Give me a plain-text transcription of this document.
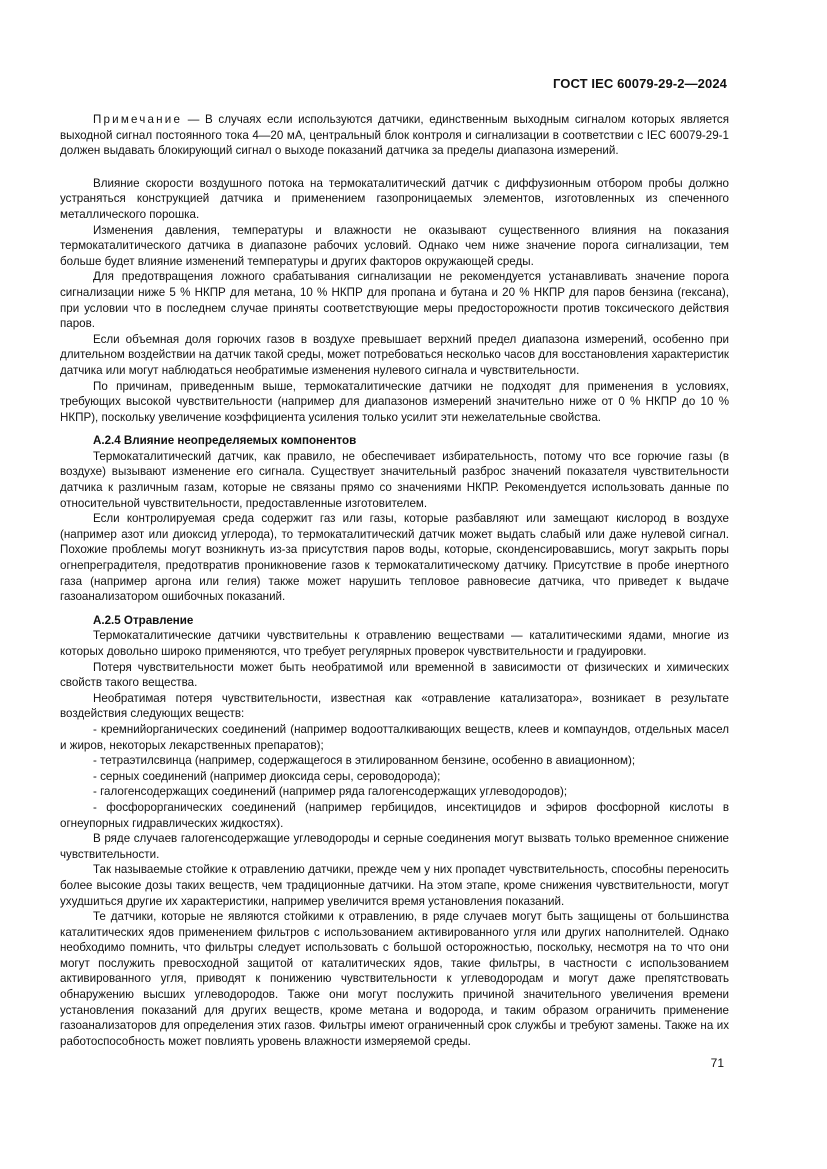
ГОСТ IEC 60079-29-2—2024

Примечание — В случаях если используются датчики, единственным выходным сигналом которых является выходной сигнал постоянного тока 4—20 мА, центральный блок контроля и сигнализации в соответствии с IEC 60079-29-1 должен выдавать блокирующий сигнал о выходе показаний датчика за пределы диапазона измерений.

Влияние скорости воздушного потока на термокаталитический датчик с диффузионным отбором пробы должно устраняться конструкцией датчика и применением газопроницаемых элементов, изготовленных из спеченного металлического порошка.

Изменения давления, температуры и влажности не оказывают существенного влияния на показания термокаталитического датчика в диапазоне рабочих условий. Однако чем ниже значение порога сигнализации, тем больше будет влияние изменений температуры и других факторов окружающей среды.

Для предотвращения ложного срабатывания сигнализации не рекомендуется устанавливать значение порога сигнализации ниже 5 % НКПР для метана, 10 % НКПР для пропана и бутана и 20 % НКПР для паров бензина (гексана), при условии что в последнем случае приняты соответствующие меры предосторожности против токсического действия паров.

Если объемная доля горючих газов в воздухе превышает верхний предел диапазона измерений, особенно при длительном воздействии на датчик такой среды, может потребоваться несколько часов для восстановления характеристик датчика или могут наблюдаться необратимые изменения нулевого сигнала и чувствительности.

По причинам, приведенным выше, термокаталитические датчики не подходят для применения в условиях, требующих высокой чувствительности (например для диапазонов измерений значительно ниже от 0 % НКПР до 10 % НКПР), поскольку увеличение коэффициента усиления только усилит эти нежелательные свойства.

А.2.4 Влияние неопределяемых компонентов

Термокаталитический датчик, как правило, не обеспечивает избирательность, потому что все горючие газы (в воздухе) вызывают изменение его сигнала. Существует значительный разброс значений показателя чувствительности датчика к различным газам, которые не связаны прямо со значениями НКПР. Рекомендуется использовать данные по относительной чувствительности, предоставленные изготовителем.

Если контролируемая среда содержит газ или газы, которые разбавляют или замещают кислород в воздухе (например азот или диоксид углерода), то термокаталитический датчик может выдать слабый или даже нулевой сигнал. Похожие проблемы могут возникнуть из-за присутствия паров воды, которые, сконденсировавшись, могут закрыть поры огнепреградителя, предотвратив проникновение газов к термокаталитическому датчику. Присутствие в пробе инертного газа (например аргона или гелия) также может нарушить тепловое равновесие датчика, что приведет к выдаче газоанализатором ошибочных показаний.

А.2.5 Отравление

Термокаталитические датчики чувствительны к отравлению веществами — каталитическими ядами, многие из которых довольно широко применяются, что требует регулярных проверок чувствительности и градуировки.

Потеря чувствительности может быть необратимой или временной в зависимости от физических и химических свойств такого вещества.

Необратимая потеря чувствительности, известная как «отравление катализатора», возникает в результате воздействия следующих веществ:

- кремнийорганических соединений (например водоотталкивающих веществ, клеев и компаундов, отдельных масел и жиров, некоторых лекарственных препаратов);

- тетраэтилсвинца (например, содержащегося в этилированном бензине, особенно в авиационном);

- серных соединений (например диоксида серы, сероводорода);

- галогенсодержащих соединений (например ряда галогенсодержащих углеводородов);

- фосфорорганических соединений (например гербицидов, инсектицидов и эфиров фосфорной кислоты в огнеупорных гидравлических жидкостях).

В ряде случаев галогенсодержащие углеводороды и серные соединения могут вызвать только временное снижение чувствительности.

Так называемые стойкие к отравлению датчики, прежде чем у них пропадет чувствительность, способны переносить более высокие дозы таких веществ, чем традиционные датчики. На этом этапе, кроме снижения чувствительности, могут ухудшиться другие их характеристики, например увеличится время установления показаний.

Те датчики, которые не являются стойкими к отравлению, в ряде случаев могут быть защищены от большинства каталитических ядов применением фильтров с использованием активированного угля или других наполнителей. Однако необходимо помнить, что фильтры следует использовать с большой осторожностью, поскольку, несмотря на то что они могут послужить превосходной защитой от каталитических ядов, такие фильтры, в частности с использованием активированного угля, приводят к понижению чувствительности к углеводородам и могут даже препятствовать обнаружению высших углеводородов. Также они могут послужить причиной значительного увеличения времени установления показаний для других веществ, кроме метана и водорода, и таким образом ограничить применение газоанализаторов для определения этих газов. Фильтры имеют ограниченный срок службы и требуют замены. Также на их работоспособность может повлиять уровень влажности измеряемой среды.

71
